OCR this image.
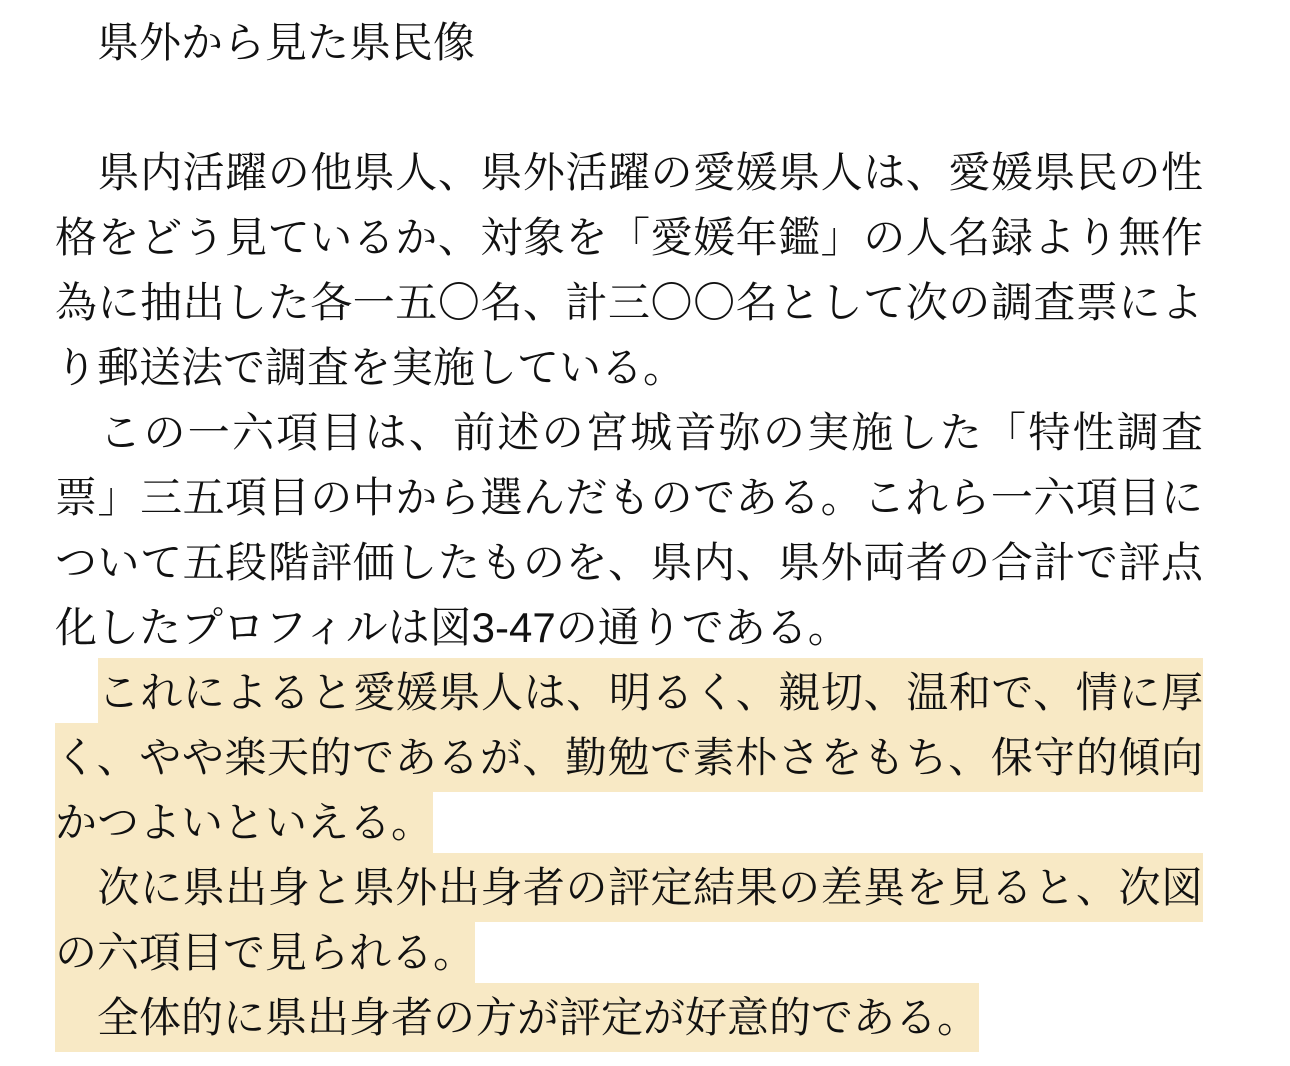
県外から見た県民像

　県内活躍の他県人、県外活躍の愛媛県人は、愛媛県民の性格をどう見ているか、対象を「愛媛年鑑」の人名録より無作為に抽出した各一五〇名、計三〇〇名として次の調査票により郵送法で調査を実施している。

　この一六項目は、前述の宮城音弥の実施した「特性調査票」三五項目の中から選んだものである。これら一六項目について五段階評価したものを、県内、県外両者の合計で評点化したプロフィルは図3-47の通りである。

　これによると愛媛県人は、明るく、親切、温和で、情に厚く、やや楽天的であるが、勤勉で素朴さをもち、保守的傾向かつよいといえる。

　次に県出身と県外出身者の評定結果の差異を見ると、次図の六項目で見られる。

　全体的に県出身者の方が評定が好意的である。
